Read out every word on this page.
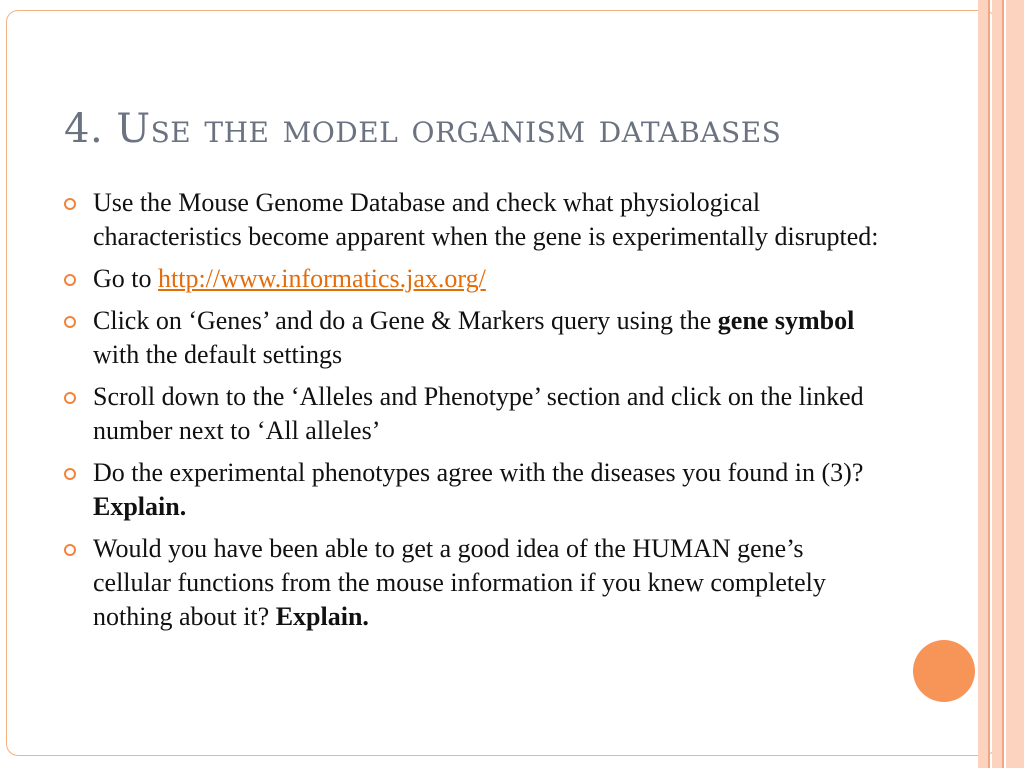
4. Use the model organism databases
Use the Mouse Genome Database and check what physiological characteristics become apparent when the gene is experimentally disrupted:
Go to http://www.informatics.jax.org/
Click on ‘Genes’ and do a Gene & Markers query using the gene symbol with the default settings
Scroll down to the ‘Alleles and Phenotype’ section and click on the linked number next to ‘All alleles’
Do the experimental phenotypes agree with the diseases you found in (3)? Explain.
Would you have been able to get a good idea of the HUMAN gene’s cellular functions from the mouse information if you knew completely nothing about it? Explain.
